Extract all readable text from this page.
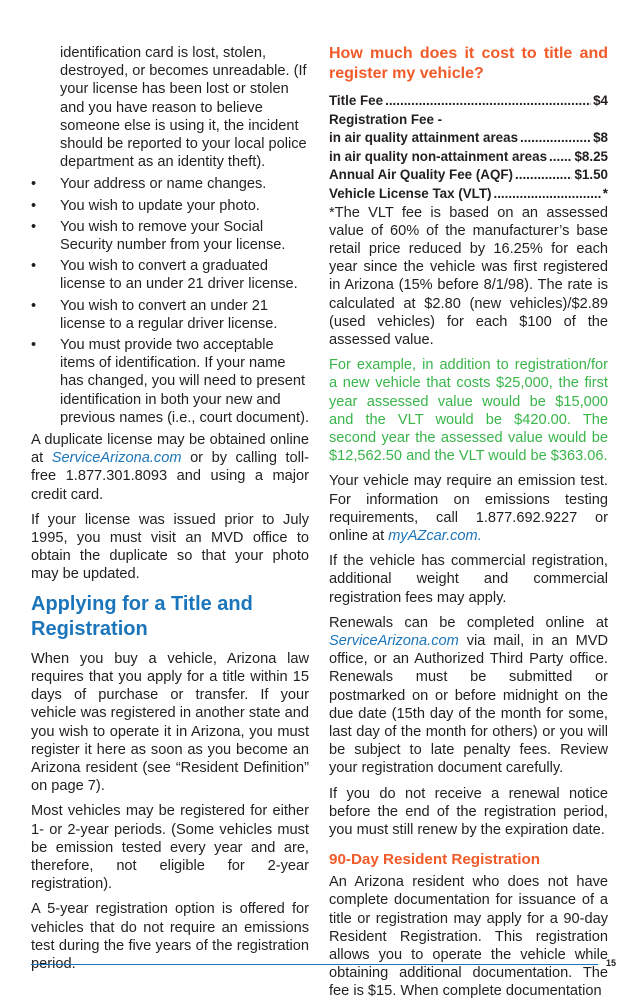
identification card is lost, stolen, destroyed, or becomes unreadable. (If your license has been lost or stolen and you have reason to believe someone else is using it, the incident should be reported to your local police department as an identity theft).

• Your address or name changes.
• You wish to update your photo.
• You wish to remove your Social Security number from your license.
• You wish to convert a graduated license to an under 21 driver license.
• You wish to convert an under 21 license to a regular driver license.
• You must provide two acceptable items of identification. If your name has changed, you will need to present identification in both your new and previous names (i.e., court document).

A duplicate license may be obtained online at ServiceArizona.com or by calling toll-free 1.877.301.8093 and using a major credit card.

If your license was issued prior to July 1995, you must visit an MVD office to obtain the duplicate so that your photo may be updated.

Applying for a Title and Registration

When you buy a vehicle, Arizona law requires that you apply for a title within 15 days of purchase or transfer. If your vehicle was registered in another state and you wish to operate it in Arizona, you must register it here as soon as you become an Arizona resident (see “Resident Definition” on page 7).

Most vehicles may be registered for either 1- or 2-year periods. (Some vehicles must be emission tested every year and are, therefore, not eligible for 2-year registration).

A 5-year registration option is offered for vehicles that do not require an emissions test during the five years of the registration period.

How much does it cost to title and register my vehicle?
Title Fee .....	$4
Registration Fee -
in air quality attainment areas .....	$8
in air quality non-attainment areas ..... $8.25
Annual Air Quality Fee (AQF) .....	$1.50
Vehicle License Tax (VLT) .....	*

*The VLT fee is based on an assessed value of 60% of the manufacturer’s base retail price reduced by 16.25% for each year since the vehicle was first registered in Arizona (15% before 8/1/98). The rate is calculated at $2.80 (new vehicles)/$2.89 (used vehicles) for each $100 of the assessed value.

For example, in addition to registration/for a new vehicle that costs $25,000, the first year assessed value would be $15,000 and the VLT would be $420.00. The second year the assessed value would be $12,562.50 and the VLT would be $363.06.

Your vehicle may require an emission test. For information on emissions testing requirements, call 1.877.692.9227 or online at myAZcar.com.

If the vehicle has commercial registration, additional weight and commercial registration fees may apply.

Renewals can be completed online at ServiceArizona.com via mail, in an MVD office, or an Authorized Third Party office. Renewals must be submitted or postmarked on or before midnight on the due date (15th day of the month for some, last day of the month for others) or you will be subject to late penalty fees. Review your registration document carefully.

If you do not receive a renewal notice before the end of the registration period, you must still renew by the expiration date.

90-Day Resident Registration

An Arizona resident who does not have complete documentation for issuance of a title or registration may apply for a 90-day Resident Registration. This registration allows you to operate the vehicle while obtaining additional documentation. The fee is $15. When complete documentation

15
